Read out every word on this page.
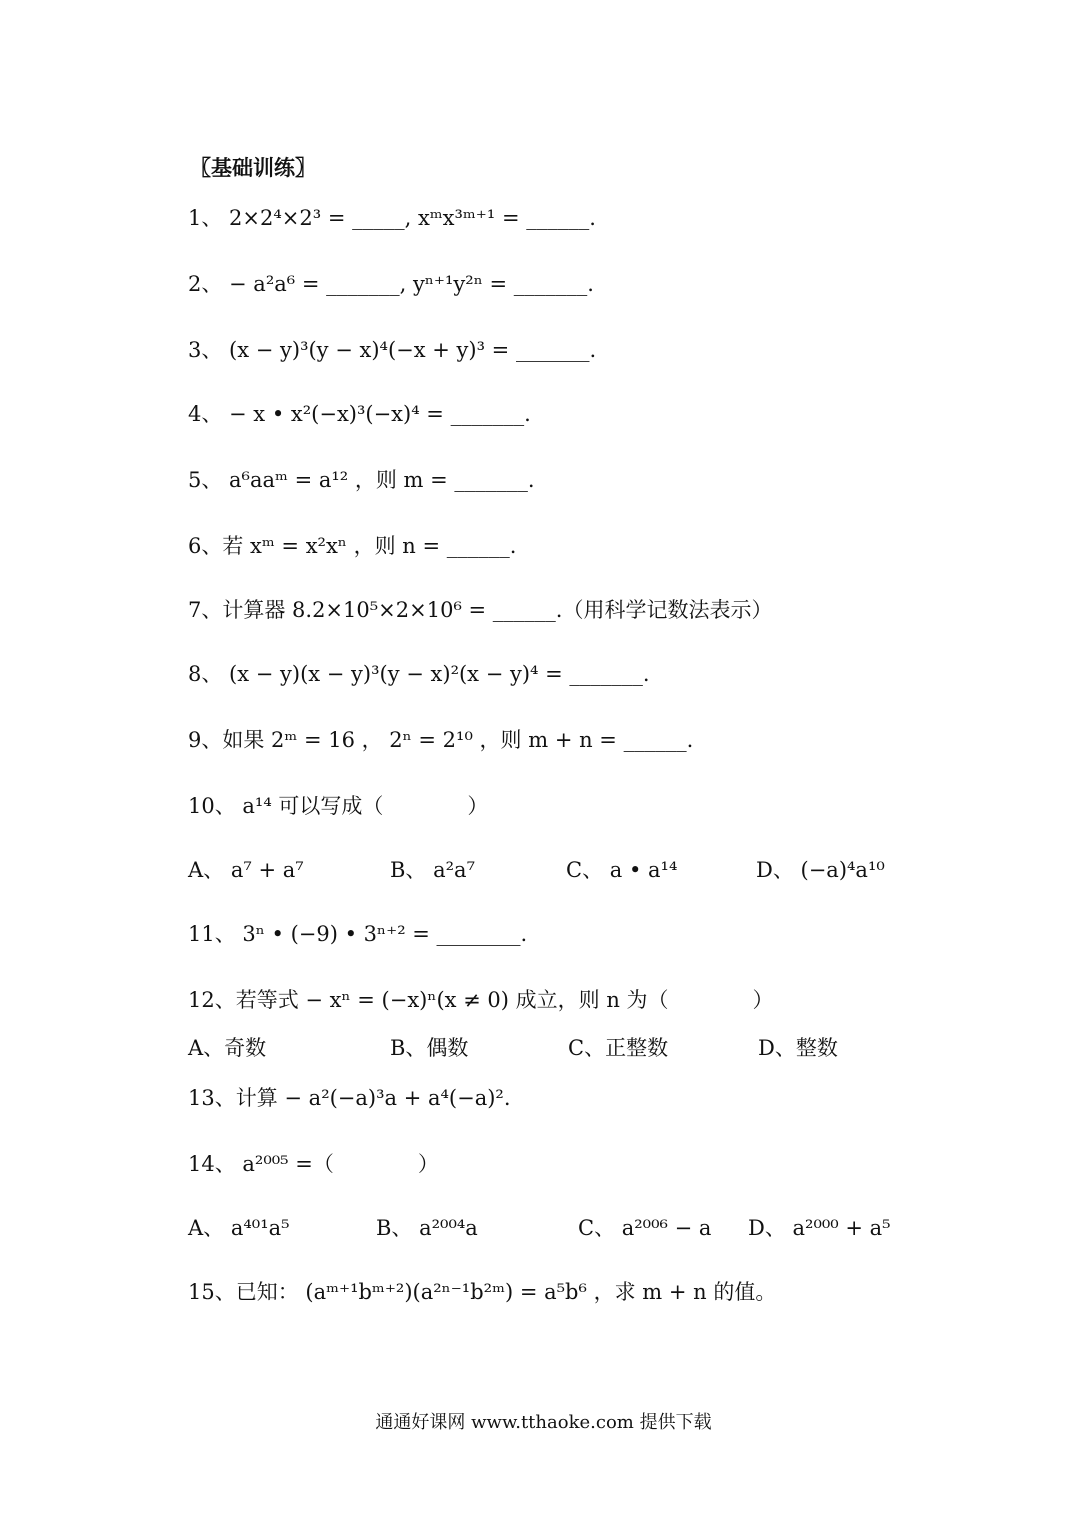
〖基础训练〗
1、 2×2⁴×2³ = _____, xᵐx³ᵐ⁺¹ = ______.
2、 − a²a⁶ = _______, yⁿ⁺¹y²ⁿ = _______.
3、 (x − y)³(y − x)⁴(−x + y)³ = _______.
4、 − x • x²(−x)³(−x)⁴ = _______.
5、 a⁶aaᵐ = a¹² ，则 m = _______.
6、若 xᵐ = x²xⁿ ，则 n = ______.
7、计算器 8.2×10⁵×2×10⁶ = ______.（用科学记数法表示）
8、 (x − y)(x − y)³(y − x)²(x − y)⁴ = _______.
9、如果 2ᵐ = 16 ， 2ⁿ = 2¹⁰ ，则 m + n = ______.
10、 a¹⁴ 可以写成（　　　　）
A、 a⁷ + a⁷	B、 a²a⁷	C、 a • a¹⁴	D、 (−a)⁴a¹⁰
11、 3ⁿ • (−9) • 3ⁿ⁺² = ________.
12、若等式 − xⁿ = (−x)ⁿ(x ≠ 0) 成立，则 n 为（　　　　）
A、奇数	B、偶数	C、正整数	D、整数
13、计算 − a²(−a)³a + a⁴(−a)².
14、 a²⁰⁰⁵ =（　　　　）
A、 a⁴⁰¹a⁵	B、 a²⁰⁰⁴a	C、 a²⁰⁰⁶ − a D、 a²⁰⁰⁰ + a⁵
15、已知： (aᵐ⁺¹bᵐ⁺²)(a²ⁿ⁻¹b²ᵐ) = a⁵b⁶ ，求 m + n 的值。
通通好课网 www.tthaoke.com 提供下载
